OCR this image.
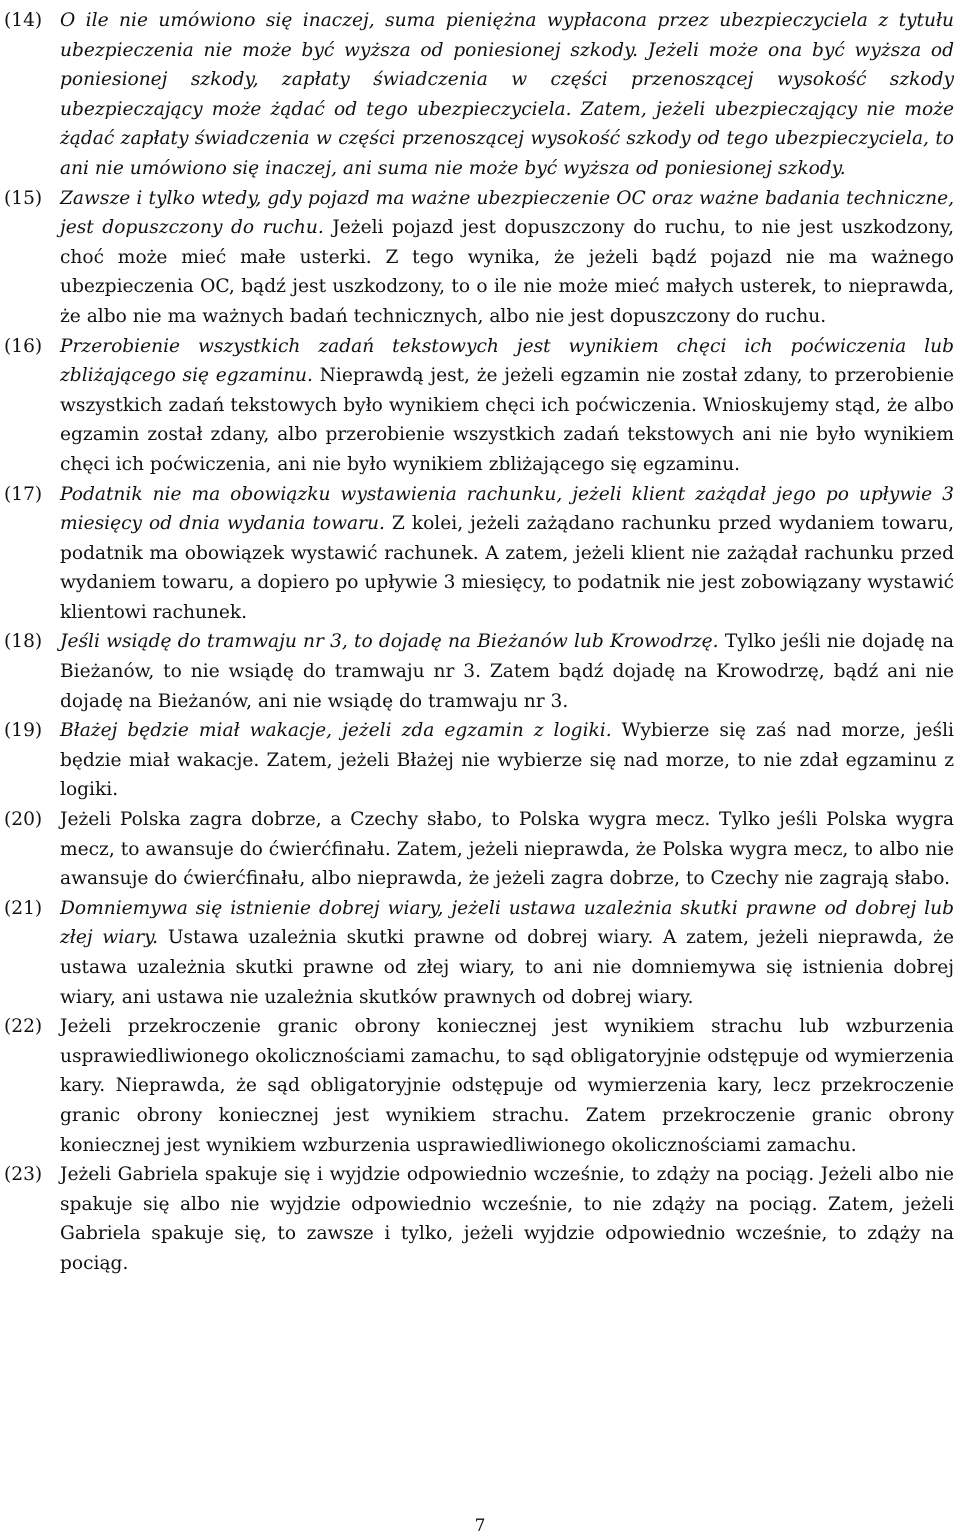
(14) O ile nie umówiono się inaczej, suma pieniężna wypłacona przez ubezpieczyciela z tytułu ubezpieczenia nie może być wyższa od poniesionej szkody. Jeżeli może ona być wyższa od poniesionej szkody, zapłaty świadczenia w części przenoszącej wysokość szkody ubezpieczający może żądać od tego ubezpieczyciela. Zatem, jeżeli ubezpieczający nie może żądać zapłaty świadczenia w części przenoszącej wysokość szkody od tego ubezpieczyciela, to ani nie umówiono się inaczej, ani suma nie może być wyższa od poniesionej szkody.
(15) Zawsze i tylko wtedy, gdy pojazd ma ważne ubezpieczenie OC oraz ważne badania techniczne, jest dopuszczony do ruchu. Jeżeli pojazd jest dopuszczony do ruchu, to nie jest uszkodzony, choć może mieć małe usterki. Z tego wynika, że jeżeli bądź pojazd nie ma ważnego ubezpieczenia OC, bądź jest uszkodzony, to o ile nie może mieć małych usterek, to nieprawda, że albo nie ma ważnych badań technicznych, albo nie jest dopuszczony do ruchu.
(16) Przerobienie wszystkich zadań tekstowych jest wynikiem chęci ich poćwiczenia lub zbliżającego się egzaminu. Nieprawdą jest, że jeżeli egzamin nie został zdany, to przerobienie wszystkich zadań tekstowych było wynikiem chęci ich poćwiczenia. Wnioskujemy stąd, że albo egzamin został zdany, albo przerobienie wszystkich zadań tekstowych ani nie było wynikiem chęci ich poćwiczenia, ani nie było wynikiem zbliżającego się egzaminu.
(17) Podatnik nie ma obowiązku wystawienia rachunku, jeżeli klient zażądał jego po upływie 3 miesięcy od dnia wydania towaru. Z kolei, jeżeli zażądano rachunku przed wydaniem towaru, podatnik ma obowiązek wystawić rachunek. A zatem, jeżeli klient nie zażądał rachunku przed wydaniem towaru, a dopiero po upływie 3 miesięcy, to podatnik nie jest zobowiązany wystawić klientowi rachunek.
(18) Jeśli wsiądę do tramwaju nr 3, to dojadę na Bieżanów lub Krowodrzę. Tylko jeśli nie dojadę na Bieżanów, to nie wsiądę do tramwaju nr 3. Zatem bądź dojadę na Krowodrzę, bądź ani nie dojadę na Bieżanów, ani nie wsiądę do tramwaju nr 3.
(19) Błażej będzie miał wakacje, jeżeli zda egzamin z logiki. Wybierze się zaś nad morze, jeśli będzie miał wakacje. Zatem, jeżeli Błażej nie wybierze się nad morze, to nie zdał egzaminu z logiki.
(20) Jeżeli Polska zagra dobrze, a Czechy słabo, to Polska wygra mecz. Tylko jeśli Polska wygra mecz, to awansuje do ćwierćfinału. Zatem, jeżeli nieprawda, że Polska wygra mecz, to albo nie awansuje do ćwierćfinału, albo nieprawda, że jeżeli zagra dobrze, to Czechy nie zagrają słabo.
(21) Domniemywa się istnienie dobrej wiary, jeżeli ustawa uzależnia skutki prawne od dobrej lub złej wiary. Ustawa uzależnia skutki prawne od dobrej wiary. A zatem, jeżeli nieprawda, że ustawa uzależnia skutki prawne od złej wiary, to ani nie domniemywa się istnienia dobrej wiary, ani ustawa nie uzależnia skutków prawnych od dobrej wiary.
(22) Jeżeli przekroczenie granic obrony koniecznej jest wynikiem strachu lub wzburzenia usprawiedliwionego okolicznościami zamachu, to sąd obligatoryjnie odstępuje od wymierzenia kary. Nieprawda, że sąd obligatoryjnie odstępuje od wymierzenia kary, lecz przekroczenie granic obrony koniecznej jest wynikiem strachu. Zatem przekroczenie granic obrony koniecznej jest wynikiem wzburzenia usprawiedliwionego okolicznościami zamachu.
(23) Jeżeli Gabriela spakuje się i wyjdzie odpowiednio wcześnie, to zdąży na pociąg. Jeżeli albo nie spakuje się albo nie wyjdzie odpowiednio wcześnie, to nie zdąży na pociąg. Zatem, jeżeli Gabriela spakuje się, to zawsze i tylko, jeżeli wyjdzie odpowiednio wcześnie, to zdąży na pociąg.
7
